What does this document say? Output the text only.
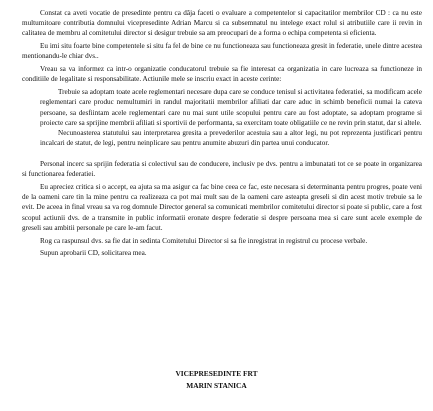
Constat ca aveti vocatie de presedinte pentru ca dăja faceti o evaluare a competentelor si capacitatilor membrilor CD : ca nu este multumitoare contributia domnului vicepresedinte Adrian Marcu si ca subsemnatul nu intelege exact rolul si atributiile care ii revin in calitatea de membru al comitetului director si desigur trebuie sa am preocupari de a forma o echipa competenta si eficienta.

Eu imi situ foarte bine competentele si situ fa fel de bine ce nu functioneaza sau functioneaza gresit in federatie, unele dintre acestea mentionandu-le chiar dvs..

Vreau sa va informez ca intr-o organizatie conducatorul trebuie sa fie interesat ca organizatia in care lucreaza sa functioneze in conditiile de legalitate si responsabilitate. Actiunile mele se inscriu exact in aceste cerinte:

Trebuie sa adoptam toate acele reglementari necesare dupa care se conduce tenisul si activitatea federatiei, sa modificam acele reglementari care produc nemultumiri in randul majoritatii membrilor afiliati dar care aduc in schimb beneficii numai la cateva persoane, sa desfiintam acele reglementari care nu mai sunt utile scopului pentru care au fost adoptate, sa adoptam programe si proiecte care sa sprijine membrii afiliati si sportivii de performanta, sa exercitam toate obligatiile ce ne revin prin statut, dar si altele.

Necunoasterea statutului sau interpretarea gresita a prevederilor acestuia sau a altor legi, nu pot reprezenta justificari pentru incalcari de statut, de legi, pentru neinplicare sau pentru anumite abuzuri din partea unui conducator.

Personal incerc sa sprijin federatia si colectivul sau de conducere, inclusiv pe dvs. pentru a imbunatati tot ce se poate in organizarea si functionarea federatiei.

Eu apreciez critica si o accept, ea ajuta sa ma asigur ca fac bine ceea ce fac, este necesara si determinanta pentru progres, poate veni de la oameni care tin la mine pentru ca realizeaza ca pot mai mult sau de la oameni care asteapta greseli si din acest motiv trebuie sa le evit. De aceea in final vreau sa va rog domnule Director general sa comunicati membrilor comitetului director si poate si public, care a fost scopul actiunii dvs. de a transmite in public informatii eronate despre federatie si despre persoana mea si care sunt acele exemple de greseli sau ambitii personale pe care le-am facut.

Rog ca raspunsul dvs. sa fie dat in sedinta Comitetului Director si sa fie inregistrat in registrul cu procese verbale.

Supun aprobarii CD, solicitarea mea.

VICEPRESEDINTE FRT
MARIN STANICA
